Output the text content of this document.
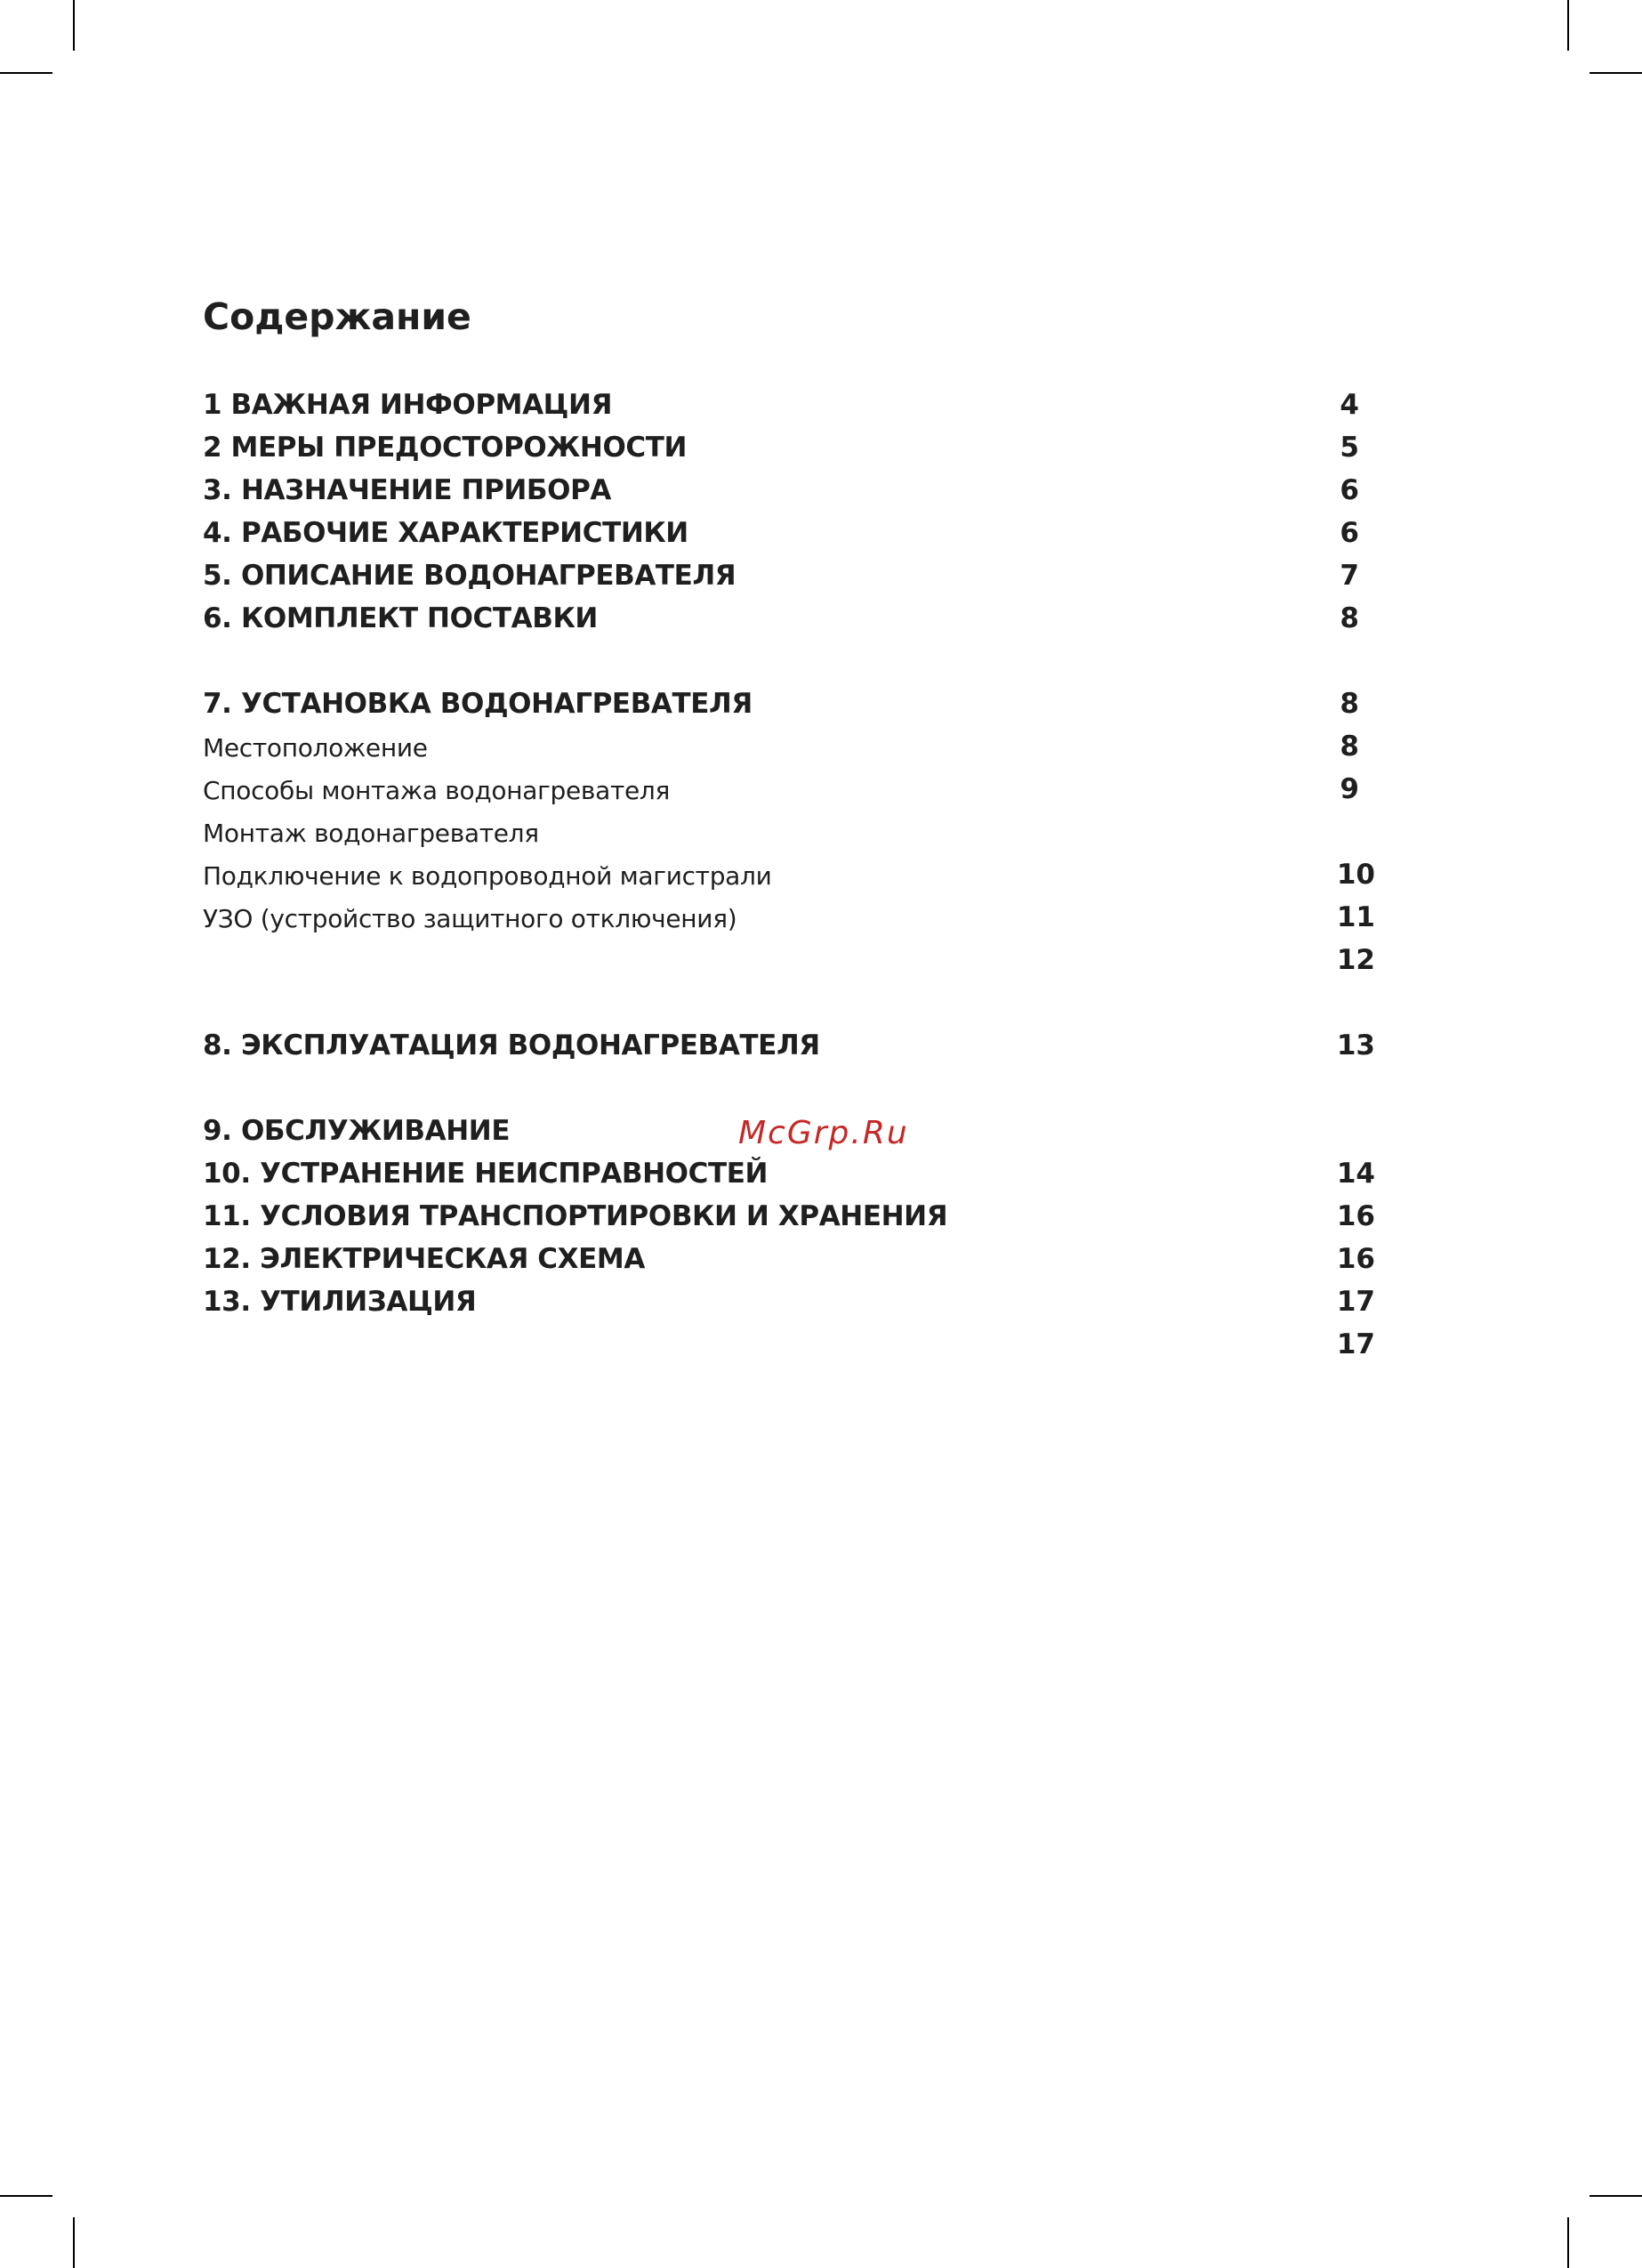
Содержание

1 ВАЖНАЯ ИНФОРМАЦИЯ

2 МЕРЫ ПРЕДОСТОРОЖНОСТИ

3. НАЗНАЧЕНИЕ ПРИБОРА

4. РАБОЧИЕ ХАРАКТЕРИСТИКИ

5. ОПИСАНИЕ ВОДОНАГРЕВАТЕЛЯ

6. КОМПЛЕКТ ПОСТАВКИ

7. УСТАНОВКА ВОДОНАГРЕВАТЕЛЯ

Местоположение

Способы монтажа водонагревателя

Монтаж водонагревателя

Подключение к водопроводной магистрали

УЗО (устройство защитного отключения)

8. ЭКСПЛУАТАЦИЯ ВОДОНАГРЕВАТЕЛЯ

9. ОБСЛУЖИВАНИЕ

10. УСТРАНЕНИЕ НЕИСПРАВНОСТЕЙ

11. УСЛОВИЯ ТРАНСПОРТИРОВКИ И ХРАНЕНИЯ

12. ЭЛЕКТРИЧЕСКАЯ СХЕМА

13. УТИЛИЗАЦИЯ

4

5

6

6

7

8

8

8

9

10

11

12

13

14

16

16

17

17

McGrp.Ru
